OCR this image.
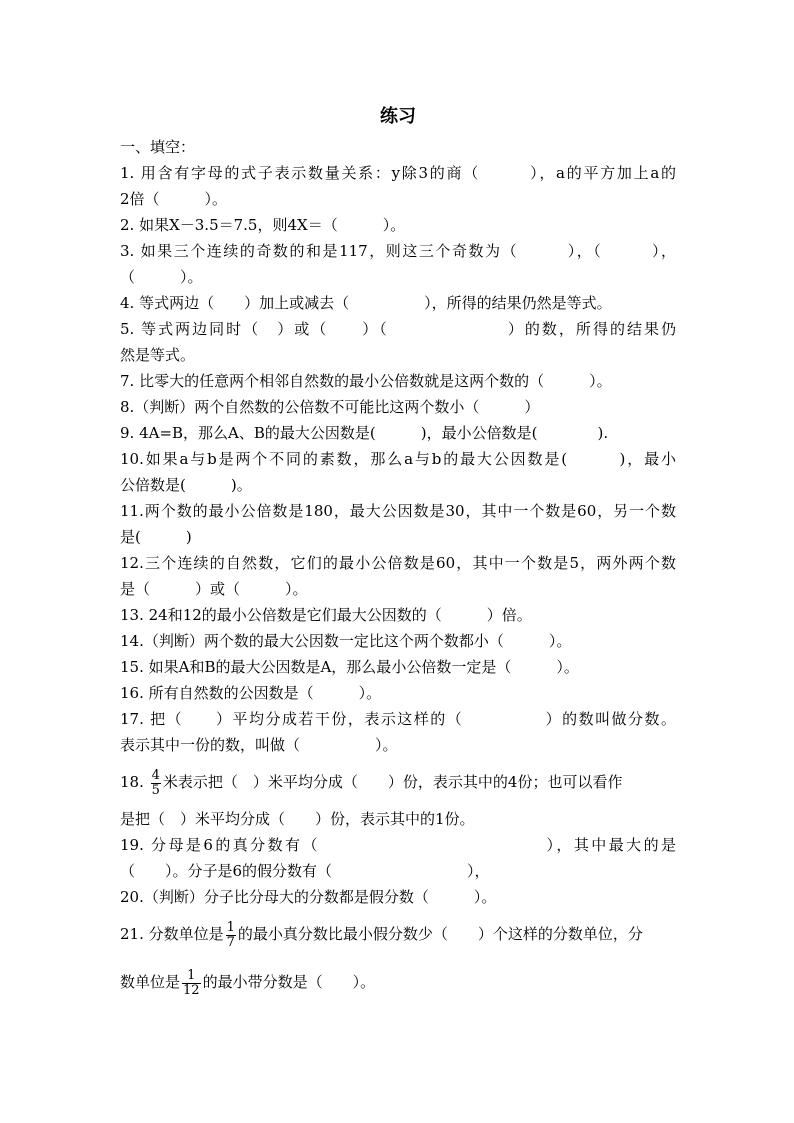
练习
一、填空：
1. 用含有字母的式子表示数量关系：y除3的商（　　　），a的平方加上a的
2倍（　　　）。
2. 如果X－3.5＝7.5，则4X＝（　　　）。
3. 如果三个连续的奇数的和是117，则这三个奇数为（　　　），（　　　），
（　　　）。
4. 等式两边（　　）加上或减去（　　　　　），所得的结果仍然是等式。
5. 等式两边同时（　）或（　　）（　　　　　　　）的数，所得的结果仍
然是等式。
7. 比零大的任意两个相邻自然数的最小公倍数就是这两个数的（　　　）。
8.（判断）两个自然数的公倍数不可能比这两个数小（　　　）
9. 4A=B，那么A、B的最大公因数是(　　　)，最小公倍数是(　　　　).
10.如果a与b是两个不同的素数，那么a与b的最大公因数是(　　　)，最小
公倍数是(　　　)。
11.两个数的最小公倍数是180，最大公因数是30，其中一个数是60，另一个数
是(　　　)
12.三个连续的自然数，它们的最小公倍数是60，其中一个数是5，两外两个数
是（　　　）或（　　　）。
13. 24和12的最小公倍数是它们最大公因数的（　　　）倍。
14.（判断）两个数的最大公因数一定比这个两个数都小（　　　）。
15. 如果A和B的最大公因数是A，那么最小公倍数一定是（　　　）。
16. 所有自然数的公因数是（　　　）。
17. 把（　　）平均分成若干份，表示这样的（　　　　　）的数叫做分数。
表示其中一份的数，叫做（　　　　　）。
18. $\frac{4}{5}$ 米表示把（　）米平均分成（　　）份，表示其中的4份；也可以看作
是把（　）米平均分成（　　）份，表示其中的1份。
19. 分母是6的真分数有（　　　　　　　　　　　　　），其中最大的是
（　　）。分子是6的假分数有（　　　　　　　　　），
20.（判断）分子比分母大的分数都是假分数（　　　）。
21. 分数单位是 $\frac{1}{7}$ 的最小真分数比最小假分数少（　　）个这样的分数单位，分
数单位是 $\frac{1}{12}$ 的最小带分数是（　　）。
